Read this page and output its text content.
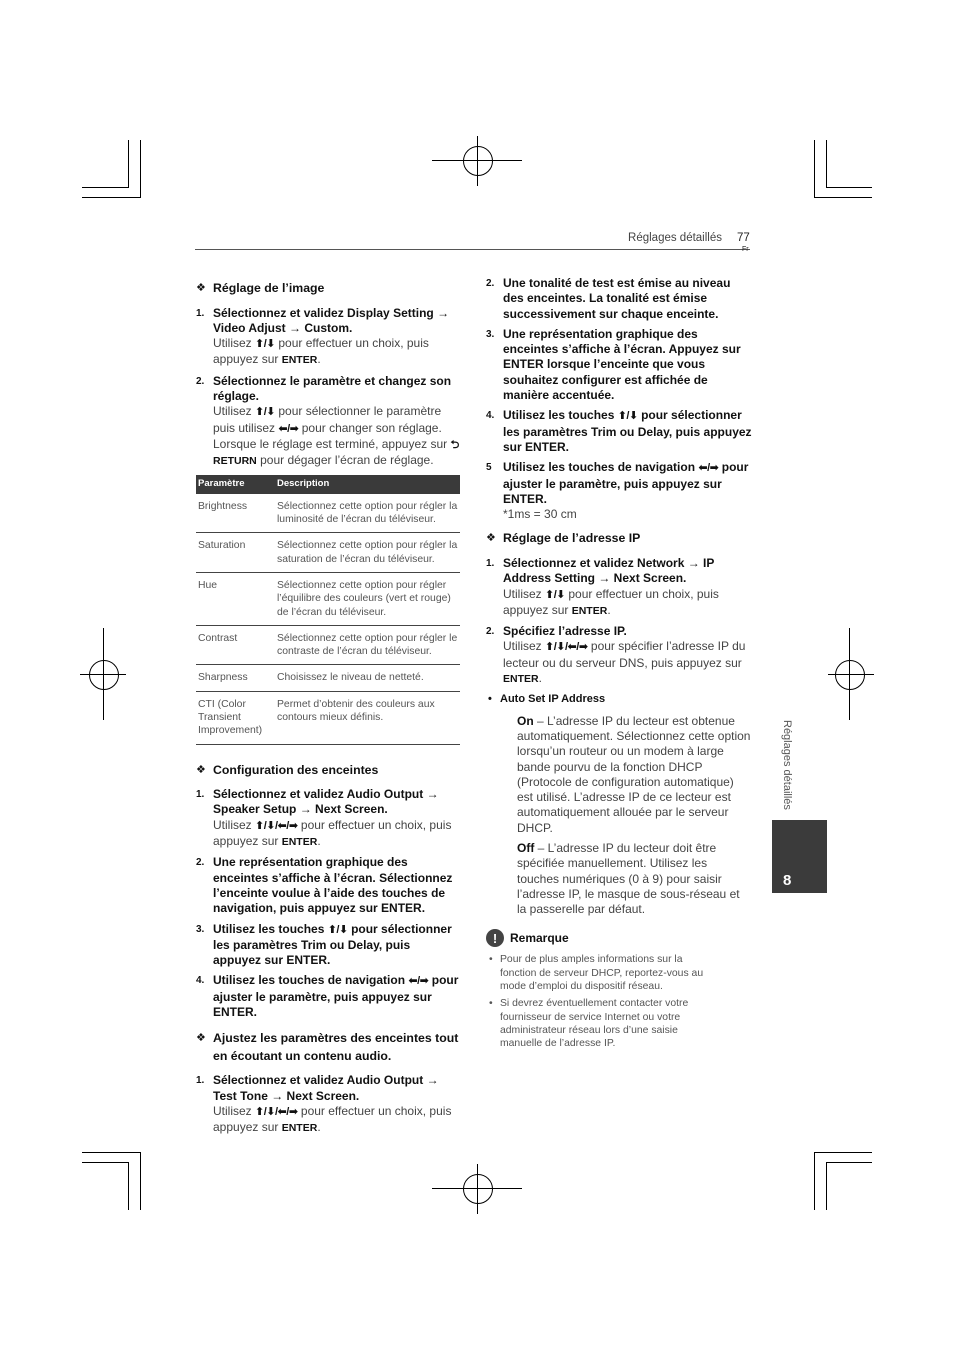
Réglages détaillés 77
Fr
❖ Réglage de l’image
1. Sélectionnez et validez Display Setting → Video Adjust → Custom.
Utilisez ⬆/⬇ pour effectuer un choix, puis appuyez sur ENTER.
2. Sélectionnez le paramètre et changez son réglage.
Utilisez ⬆/⬇ pour sélectionner le paramètre puis utilisez ⬅/➡ pour changer son réglage. Lorsque le réglage est terminé, appuyez sur ⮌ RETURN pour dégager l’écran de réglage.
Paramètre	Description
Brightness	Sélectionnez cette option pour régler la luminosité de l’écran du téléviseur.
Saturation	Sélectionnez cette option pour régler la saturation de l’écran du téléviseur.
Hue	Sélectionnez cette option pour régler l’équilibre des couleurs (vert et rouge) de l’écran du téléviseur.
Contrast	Sélectionnez cette option pour régler le contraste de l’écran du téléviseur.
Sharpness	Choisissez le niveau de netteté.
CTI (Color Transient Improvement)	Permet d’obtenir des couleurs aux contours mieux définis.
❖ Configuration des enceintes
1. Sélectionnez et validez Audio Output → Speaker Setup → Next Screen.
Utilisez ⬆/⬇/⬅/➡ pour effectuer un choix, puis appuyez sur ENTER.
2. Une représentation graphique des enceintes s’affiche à l’écran. Sélectionnez l’enceinte voulue à l’aide des touches de navigation, puis appuyez sur ENTER.
3. Utilisez les touches ⬆/⬇ pour sélectionner les paramètres Trim ou Delay, puis appuyez sur ENTER.
4. Utilisez les touches de navigation ⬅/➡ pour ajuster le paramètre, puis appuyez sur ENTER.
❖ Ajustez les paramètres des enceintes tout en écoutant un contenu audio.
1. Sélectionnez et validez Audio Output → Test Tone → Next Screen.
Utilisez ⬆/⬇/⬅/➡ pour effectuer un choix, puis appuyez sur ENTER.
2. Une tonalité de test est émise au niveau des enceintes. La tonalité est émise successivement sur chaque enceinte.
3. Une représentation graphique des enceintes s’affiche à l’écran. Appuyez sur ENTER lorsque l’enceinte que vous souhaitez configurer est affichée de manière accentuée.
4. Utilisez les touches ⬆/⬇ pour sélectionner les paramètres Trim ou Delay, puis appuyez sur ENTER.
5 Utilisez les touches de navigation ⬅/➡ pour ajuster le paramètre, puis appuyez sur ENTER.
*1ms = 30 cm
❖ Réglage de l’adresse IP
1. Sélectionnez et validez Network → IP Address Setting → Next Screen.
Utilisez ⬆/⬇ pour effectuer un choix, puis appuyez sur ENTER.
2. Spécifiez l’adresse IP.
Utilisez ⬆/⬇/⬅/➡ pour spécifier l’adresse IP du lecteur ou du serveur DNS, puis appuyez sur ENTER.
• Auto Set IP Address
On – L’adresse IP du lecteur est obtenue automatiquement. Sélectionnez cette option lorsqu’un routeur ou un modem à large bande pourvu de la fonction DHCP (Protocole de configuration automatique) est utilisé. L’adresse IP de ce lecteur est automatiquement allouée par le serveur DHCP.
Off – L’adresse IP du lecteur doit être spécifiée manuellement. Utilisez les touches numériques (0 à 9) pour saisir l’adresse IP, le masque de sous-réseau et la passerelle par défaut.
!	Remarque
• Pour de plus amples informations sur la fonction de serveur DHCP, reportez-vous au mode d’emploi du dispositif réseau.
• Si devrez éventuellement contacter votre fournisseur de service Internet ou votre administrateur réseau lors d’une saisie manuelle de l’adresse IP.
Réglages détaillés
8
